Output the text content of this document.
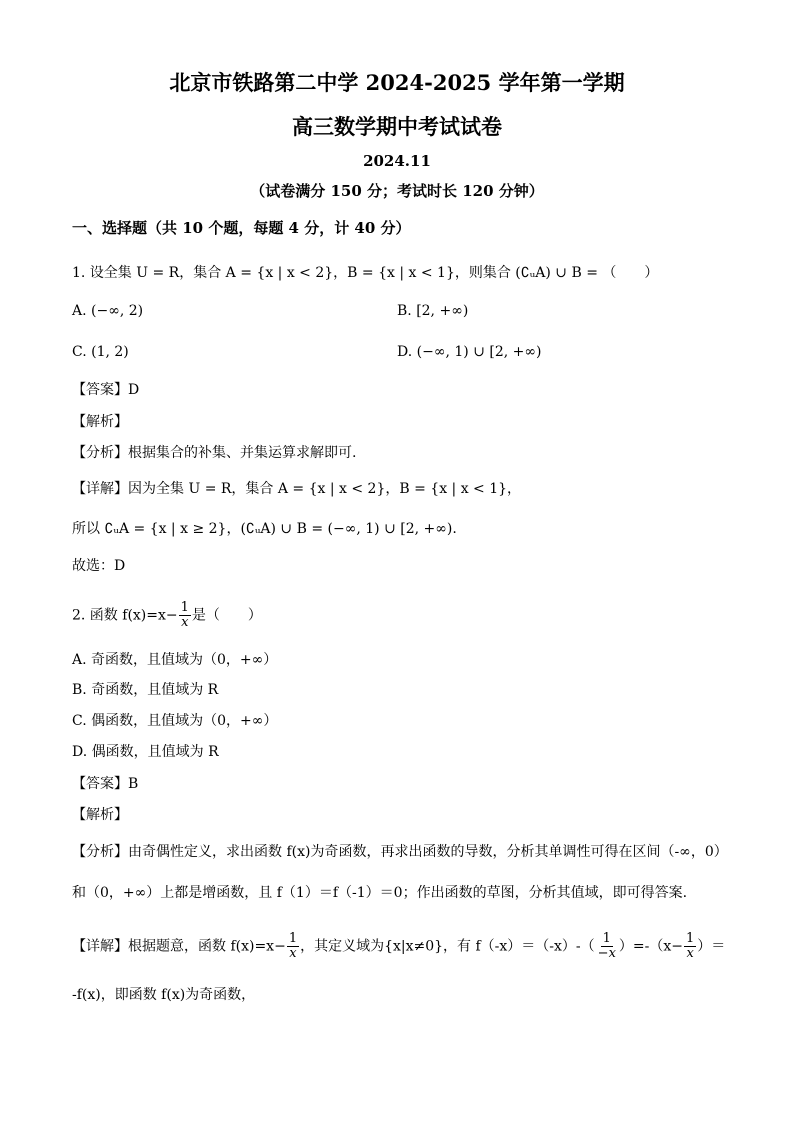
北京市铁路第二中学 2024-2025 学年第一学期
高三数学期中考试试卷
2024.11
（试卷满分 150 分；考试时长 120 分钟）
一、选择题（共 10 个题，每题 4 分，计 40 分）
1. 设全集 U = R，集合 A = {x | x < 2}，B = {x | x < 1}，则集合 (∁ᵤA) ∪ B = （　　）
A. (−∞, 2)	B. [2, +∞)
C. (1, 2)	D. (−∞, 1) ∪ [2, +∞)
【答案】D
【解析】
【分析】根据集合的补集、并集运算求解即可.
【详解】因为全集 U = R，集合 A = {x | x < 2}，B = {x | x < 1}，
所以 ∁ᵤA = {x | x ≥ 2}，(∁ᵤA) ∪ B = (−∞, 1) ∪ [2, +∞).
故选：D
2. 函数 $f(x)=x- \frac{1}{x}$ 是（　　）
A. 奇函数，且值域为（0，+∞）
B. 奇函数，且值域为 R
C. 偶函数，且值域为（0，+∞）
D. 偶函数，且值域为 R
【答案】B
【解析】
【分析】由奇偶性定义，求出函数 f(x)为奇函数，再求出函数的导数，分析其单调性可得在区间（-∞，0）
和（0，+∞）上都是增函数，且 f（1）＝f（-1）＝0；作出函数的草图，分析其值域，即可得答案.
【详解】根据题意，函数 $f(x)=x- \frac{1}{x}$ ，其定义域为{x|x≠0}，有 $f(-x)=(-x)-( \frac{1}{-x} )=-(x- \frac{1}{x}$ ）＝
-f(x)，即函数 f(x)为奇函数，
